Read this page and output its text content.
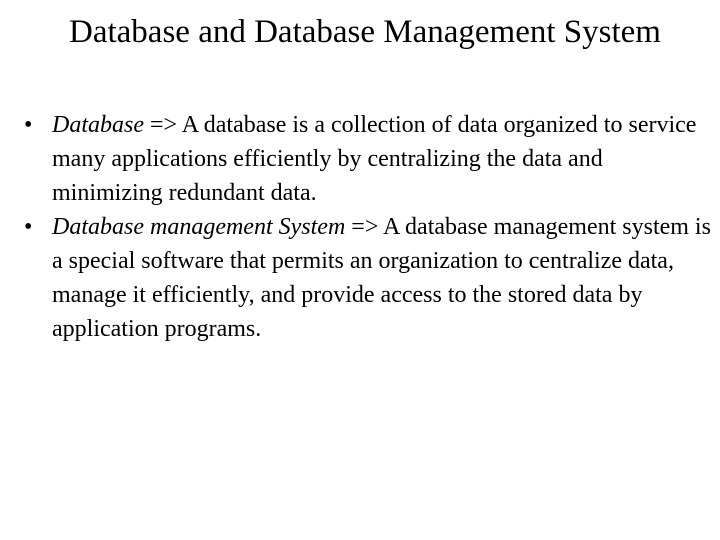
Database and Database Management System
• Database => A database is a collection of data organized to service many applications efficiently by centralizing the data and minimizing redundant data.
• Database management System => A database management system is a special software that permits an organization to centralize data, manage it efficiently, and provide access to the stored data by application programs.
